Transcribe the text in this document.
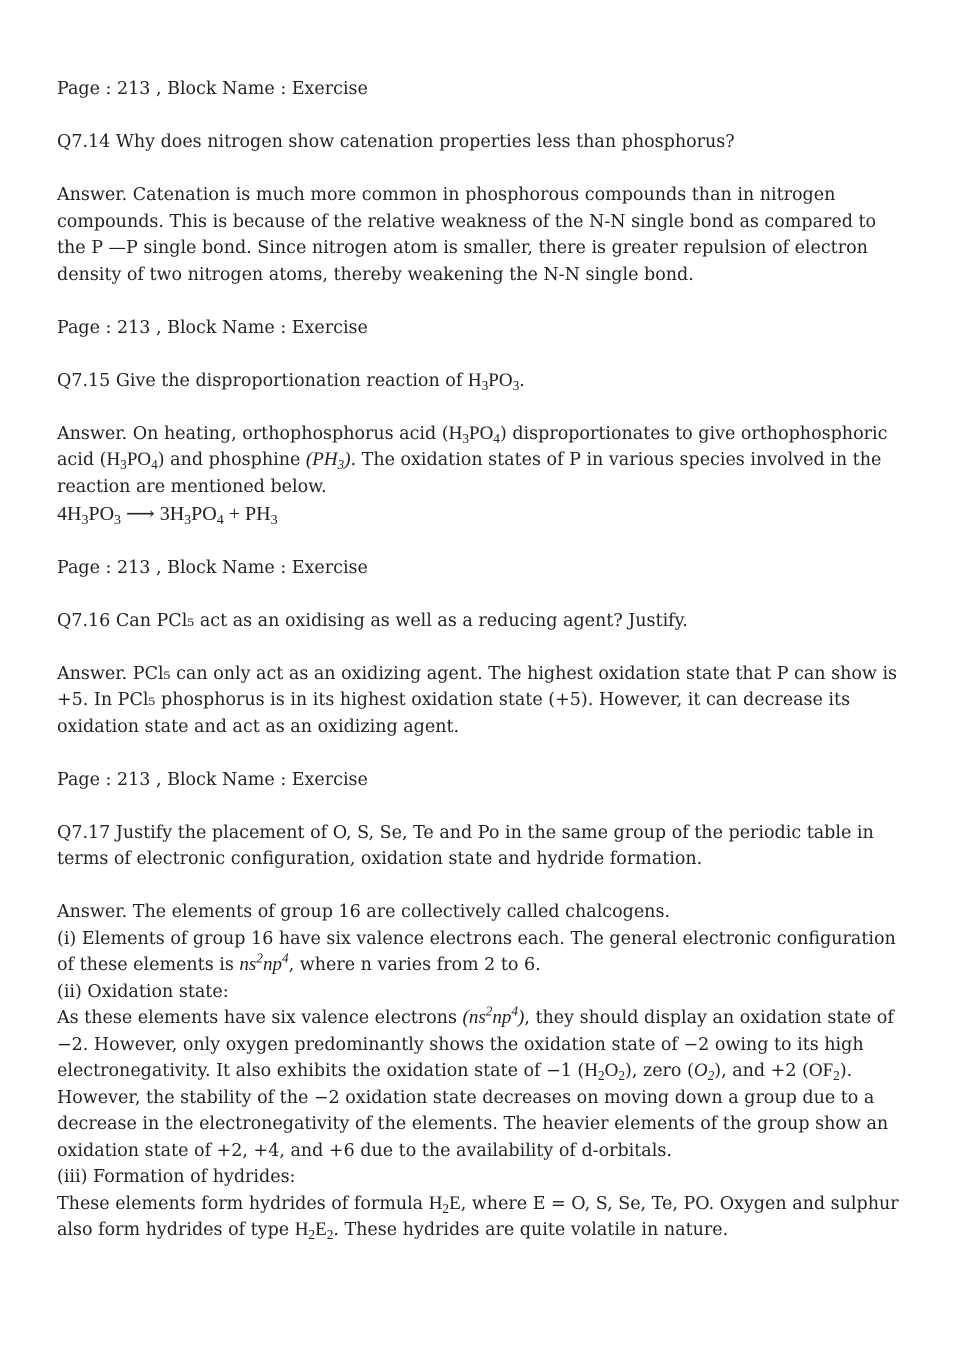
Page : 213 , Block Name : Exercise

Q7.14 Why does nitrogen show catenation properties less than phosphorus?

Answer. Catenation is much more common in phosphorous compounds than in nitrogen compounds. This is because of the relative weakness of the N-N single bond as compared to the P —P single bond. Since nitrogen atom is smaller, there is greater repulsion of electron density of two nitrogen atoms, thereby weakening the N-N single bond.

Page : 213 , Block Name : Exercise

Q7.15 Give the disproportionation reaction of $H_3PO_3$.

Answer. On heating, orthophosphorus acid $(H_3PO_4)$ disproportionates to give orthophosphoric acid $(H_3PO_4)$ and phosphine $(PH_3)$. The oxidation states of P in various species involved in the reaction are mentioned below.

$4H_3PO_3$ ⟶ $3H_3PO_4 + PH_3$

Page : 213 , Block Name : Exercise

Q7.16 Can PCl₅ act as an oxidising as well as a reducing agent? Justify.

Answer. PCl₅ can only act as an oxidizing agent. The highest oxidation state that P can show is +5. In PCl₅ phosphorus is in its highest oxidation state (+5). However, it can decrease its oxidation state and act as an oxidizing agent.

Page : 213 , Block Name : Exercise

Q7.17 Justify the placement of O, S, Se, Te and Po in the same group of the periodic table in terms of electronic configuration, oxidation state and hydride formation.

Answer. The elements of group 16 are collectively called chalcogens.

(i) Elements of group 16 have six valence electrons each. The general electronic configuration of these elements is $ns^2np^4$, where n varies from 2 to 6.

(ii) Oxidation state:

As these elements have six valence electrons $(ns^2np^4)$, they should display an oxidation state of −2. However, only oxygen predominantly shows the oxidation state of −2 owing to its high electronegativity. It also exhibits the oxidation state of −1 $(H_2O_2)$, zero $(O_2)$, and +2 $(OF_2)$. However, the stability of the −2 oxidation state decreases on moving down a group due to a decrease in the electronegativity of the elements. The heavier elements of the group show an oxidation state of +2, +4, and +6 due to the availability of d-orbitals.

(iii) Formation of hydrides:

These elements form hydrides of formula $H_2E$, where E = O, S, Se, Te, PO. Oxygen and sulphur also form hydrides of type $H_2E_2$. These hydrides are quite volatile in nature.
